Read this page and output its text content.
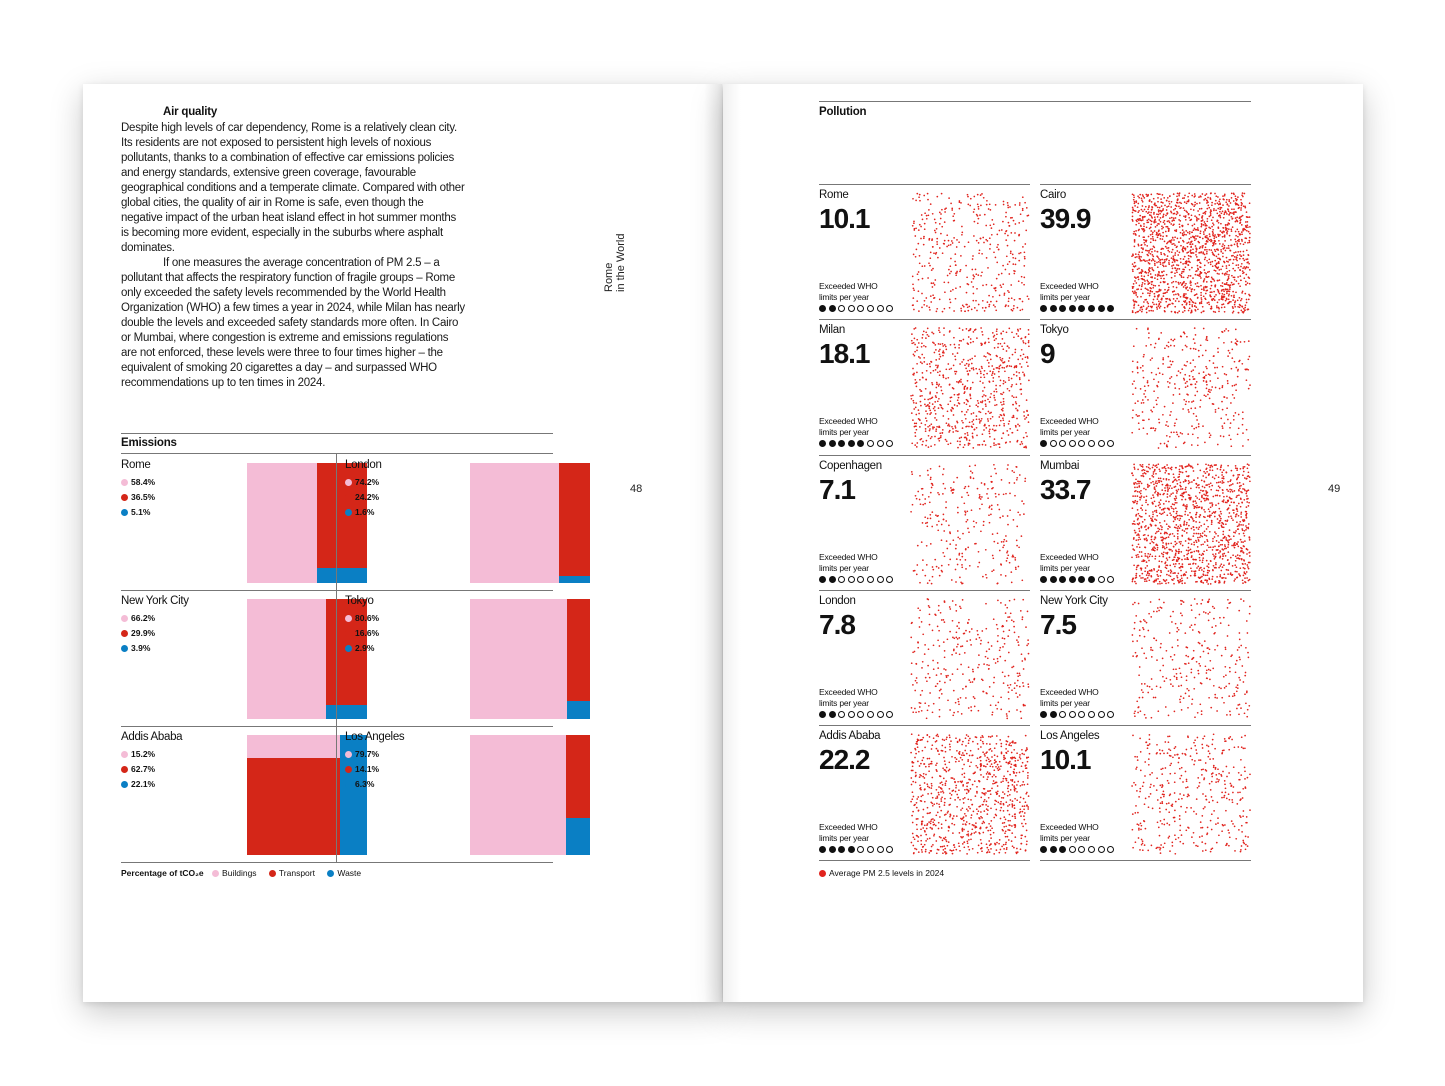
Air quality

Despite high levels of car dependency, Rome is a relatively clean city. Its residents are not exposed to persistent high levels of noxious pollutants, thanks to a combination of effective car emissions policies and energy standards, extensive green coverage, favourable geographical conditions and a temperate climate. Compared with other global cities, the quality of air in Rome is safe, even though the negative impact of the urban heat island effect in hot summer months is becoming more evident, especially in the suburbs where asphalt dominates.

If one measures the average concentration of PM 2.5 – a pollutant that affects the respiratory function of fragile groups – Rome only exceeded the safety levels recommended by the World Health Organization (WHO) a few times a year in 2024, while Milan has nearly double the levels and exceeded safety standards more often. In Cairo or Mumbai, where congestion is extreme and emissions regulations are not enforced, these levels were three to four times higher – the equivalent of smoking 20 cigarettes a day – and surpassed WHO recommendations up to ten times in 2024.

Rome in the World
48
Emissions
Rome
58.4%
36.5%
5.1%
London
74.2%
24.2%
1.6%
New York City
66.2%
29.9%
3.9%
Tokyo
80.6%
16.6%
2.9%
Addis Ababa
15.2%
62.7%
22.1%
Los Angeles
79.7%
14.1%
6.3%
Percentage of tCO₂e Buildings	Transport	Waste
Pollution
49
Rome
10.1
Exceeded WHO
limits per year
Cairo
39.9
Exceeded WHO
limits per year
Milan
18.1
Exceeded WHO
limits per year
Tokyo
9
Exceeded WHO
limits per year
Copenhagen
7.1
Exceeded WHO
limits per year
Mumbai
33.7
Exceeded WHO
limits per year
London
7.8
Exceeded WHO
limits per year
New York City
7.5
Exceeded WHO
limits per year
Addis Ababa
22.2
Exceeded WHO
limits per year
Los Angeles
10.1
Exceeded WHO
limits per year
Average PM 2.5 levels in 2024
